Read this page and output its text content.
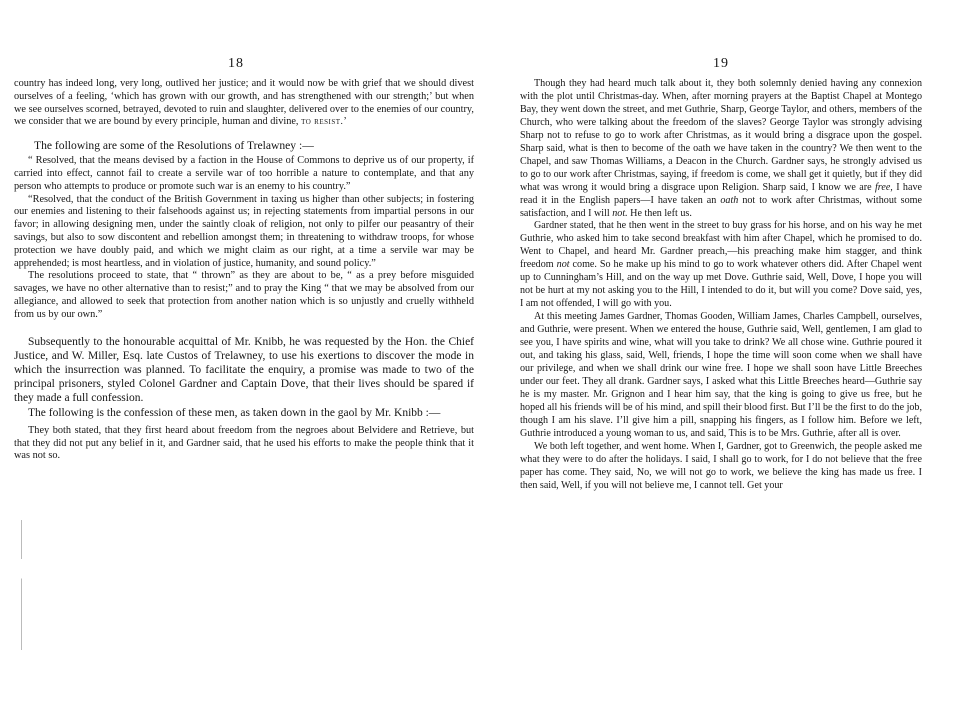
18

country has indeed long, very long, outlived her justice; and it would now be with grief that we should divest ourselves of a feeling, ‘which has grown with our growth, and has strengthened with our strength;’ but when we see ourselves scorned, betrayed, devoted to ruin and slaughter, delivered over to the enemies of our country, we consider that we are bound by every principle, human and divine, to resist.’

The following are some of the Resolutions of Trelawney :—

“ Resolved, that the means devised by a faction in the House of Commons to deprive us of our property, if carried into effect, cannot fail to create a servile war of too horrible a nature to contemplate, and that any person who attempts to produce or promote such war is an enemy to his country.”

“Resolved, that the conduct of the British Government in taxing us higher than other subjects; in fostering our enemies and listening to their falsehoods against us; in rejecting statements from impartial persons in our favor; in allowing designing men, under the saintly cloak of religion, not only to pilfer our peasantry of their savings, but also to sow discontent and rebellion amongst them; in threatening to withdraw troops, for whose protection we have doubly paid, and which we might claim as our right, at a time a servile war may be apprehended; is most heartless, and in violation of justice, humanity, and sound policy.”

The resolutions proceed to state, that “ thrown” as they are about to be, “ as a prey before misguided savages, we have no other alternative than to resist;” and to pray the King “ that we may be absolved from our allegiance, and allowed to seek that protection from another nation which is so unjustly and cruelly withheld from us by our own.”

Subsequently to the honourable acquittal of Mr. Knibb, he was requested by the Hon. the Chief Justice, and W. Miller, Esq. late Custos of Trelawney, to use his exertions to discover the mode in which the insurrection was planned. To facilitate the enquiry, a promise was made to two of the principal prisoners, styled Colonel Gardner and Captain Dove, that their lives should be spared if they made a full confession.

The following is the confession of these men, as taken down in the gaol by Mr. Knibb :—

They both stated, that they first heard about freedom from the negroes about Belvidere and Retrieve, but that they did not put any belief in it, and Gardner said, that he used his efforts to make the people think that it was not so.

19

Though they had heard much talk about it, they both solemnly denied having any connexion with the plot until Christmas-day. When, after morning prayers at the Baptist Chapel at Montego Bay, they went down the street, and met Guthrie, Sharp, George Taylor, and others, members of the Church, who were talking about the freedom of the slaves? George Taylor was strongly advising Sharp not to refuse to go to work after Christmas, as it would bring a disgrace upon the gospel. Sharp said, what is then to become of the oath we have taken in the country? We then went to the Chapel, and saw Thomas Williams, a Deacon in the Church. Gardner says, he strongly advised us to go to our work after Christmas, saying, if freedom is come, we shall get it quietly, but if they did what was wrong it would bring a disgrace upon Religion. Sharp said, I know we are free, I have read it in the English papers—I have taken an oath not to work after Christmas, without some satisfaction, and I will not. He then left us.

Gardner stated, that he then went in the street to buy grass for his horse, and on his way he met Guthrie, who asked him to take second breakfast with him after Chapel, which he promised to do. Went to Chapel, and heard Mr. Gardner preach,—his preaching make him stagger, and think freedom not come. So he make up his mind to go to work whatever others did. After Chapel went up to Cunningham’s Hill, and on the way up met Dove. Guthrie said, Well, Dove, I hope you will not be hurt at my not asking you to the Hill, I intended to do it, but will you come? Dove said, yes, I am not offended, I will go with you.

At this meeting James Gardner, Thomas Gooden, William James, Charles Campbell, ourselves, and Guthrie, were present. When we entered the house, Guthrie said, Well, gentlemen, I am glad to see you, I have spirits and wine, what will you take to drink? We all chose wine. Guthrie poured it out, and taking his glass, said, Well, friends, I hope the time will soon come when we shall have our privilege, and when we shall drink our wine free. I hope we shall soon have Little Breeches under our feet. They all drank. Gardner says, I asked what this Little Breeches heard—Guthrie say he is my master. Mr. Grignon and I hear him say, that the king is going to give us free, but he hoped all his friends will be of his mind, and spill their blood first. But I’ll be the first to do the job, though I am his slave. I’ll give him a pill, snapping his fingers, as I follow him. Before we left, Guthrie introduced a young woman to us, and said, This is to be Mrs. Guthrie, after all is over.

We both left together, and went home. When I, Gardner, got to Greenwich, the people asked me what they were to do after the holidays. I said, I shall go to work, for I do not believe that the free paper has come. They said, No, we will not go to work, we believe the king has made us free. I then said, Well, if you will not believe me, I cannot tell. Get your
